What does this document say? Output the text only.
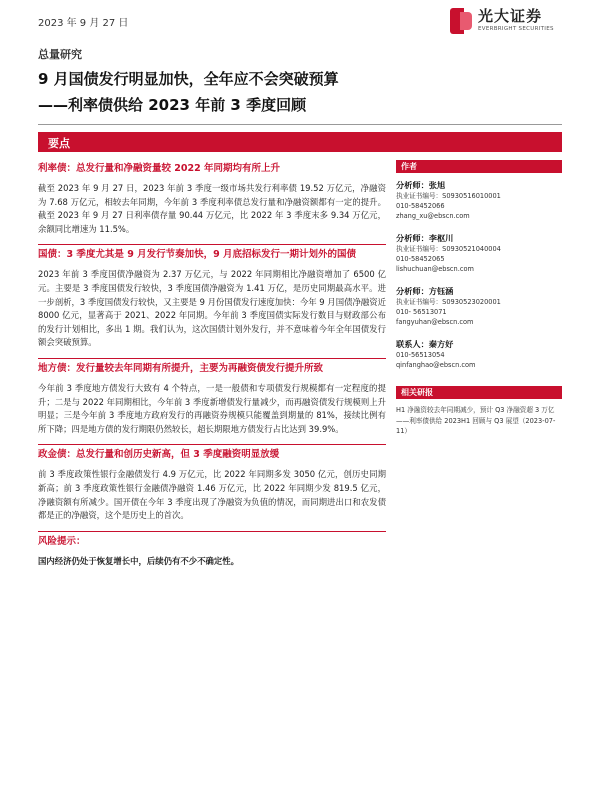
2023 年 9 月 27 日	光大证券
EVERBRIGHT SECURITIES
总量研究
9 月国债发行明显加快，全年应不会突破预算
——利率债供给 2023 年前 3 季度回顾
要点
利率债：总发行量和净融资量较 2022 年同期均有所上升

截至 2023 年 9 月 27 日，2023 年前 3 季度一级市场共发行利率债 19.52 万亿元，净融资为 7.68 万亿元，相较去年同期，今年前 3 季度利率债总发行量和净融资额都有一定的提升。截至 2023 年 9 月 27 日利率债存量 90.44 万亿元，比 2022 年 3 季度末多 9.34 万亿元，余额同比增速为 11.5%。

国债：3 季度尤其是 9 月发行节奏加快，9 月底招标发行一期计划外的国债

2023 年前 3 季度国债净融资为 2.37 万亿元，与 2022 年同期相比净融资增加了 6500 亿元。主要是 3 季度国债发行较快，3 季度国债净融资为 1.41 万亿，是历史同期最高水平。进一步剖析，3 季度国债发行较快，又主要是 9 月份国债发行速度加快：今年 9 月国债净融资近 8000 亿元，显著高于 2021、2022 年同期。今年前 3 季度国债实际发行数目与财政部公布的发行计划相比，多出 1 期。我们认为，这次国债计划外发行，并不意味着今年全年国债发行额会突破预算。

地方债：发行量较去年同期有所提升，主要为再融资债发行提升所致

今年前 3 季度地方债发行大致有 4 个特点，一是一般债和专项债发行规模都有一定程度的提升；二是与 2022 年同期相比，今年前 3 季度新增债发行量减少，而再融资债发行规模则上升明显；三是今年前 3 季度地方政府发行的再融资券规模只能覆盖到期量的 81%，接续比例有所下降；四是地方债的发行期限仍然较长，超长期限地方债发行占比达到 39.9%。

政金债：总发行量和创历史新高，但 3 季度融资明显放缓

前 3 季度政策性银行金融债发行 4.9 万亿元，比 2022 年同期多发 3050 亿元，创历史同期新高；前 3 季度政策性银行金融债净融资 1.46 万亿元，比 2022 年同期少发 819.5 亿元，净融资额有所减少。国开债在今年 3 季度出现了净融资为负值的情况，而同期进出口和农发债都是正的净融资，这个是历史上的首次。

风险提示：

国内经济仍处于恢复增长中，后续仍有不少不确定性。

作者
分析师：张旭
执业证书编号：S0930516010001
010-58452066
zhang_xu@ebscn.com
分析师：李枢川
执业证书编号：S0930521040004
010-58452065
lishuchuan@ebscn.com
分析师：方钰涵
执业证书编号：S0930523020001
010- 56513071
fangyuhan@ebscn.com
联系人：秦方好
010-56513054
qinfanghao@ebscn.com
相关研报
H1 净融资较去年同期减少，预计 Q3 净融资超 3 万亿——利率债供给 2023H1 回顾与 Q3 展望（2023-07-11）
